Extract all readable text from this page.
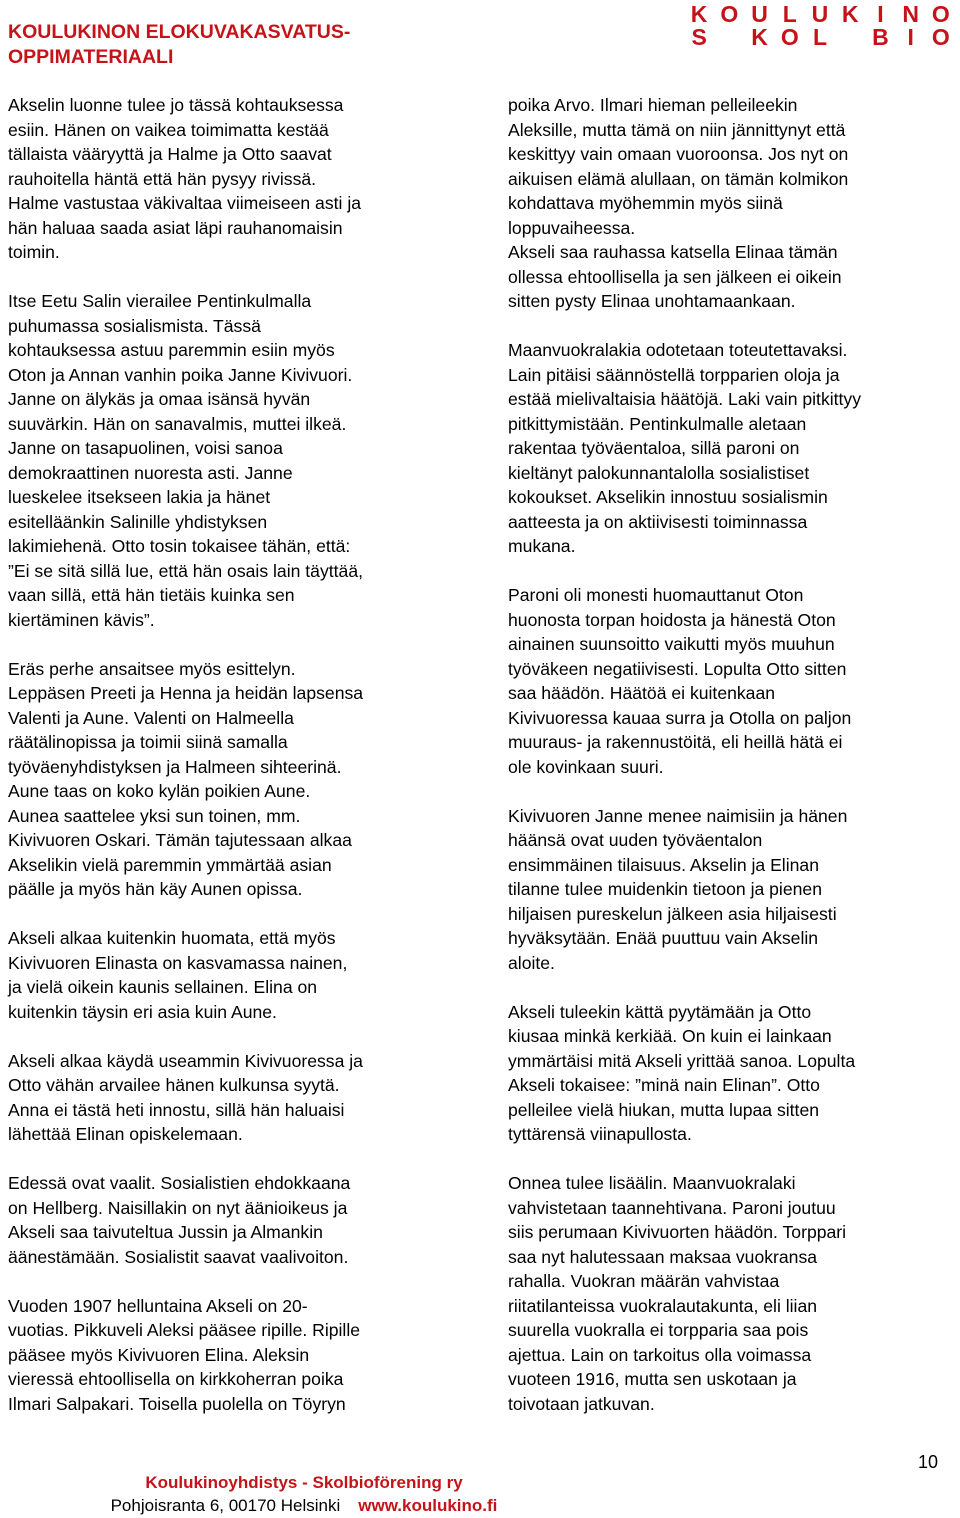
KOULUKINON ELOKUVAKASVATUS-
OPPIMATERIAALI
K O U L U K I N O
S	K O L	B I O

Akselin luonne tulee jo tässä kohtauksessa
esiin. Hänen on vaikea toimimatta kestää
tällaista vääryyttä ja Halme ja Otto saavat
rauhoitella häntä että hän pysyy rivissä.
Halme vastustaa väkivaltaa viimeiseen asti ja
hän haluaa saada asiat läpi rauhanomaisin
toimin.

Itse Eetu Salin vierailee Pentinkulmalla
puhumassa sosialismista. Tässä
kohtauksessa astuu paremmin esiin myös
Oton ja Annan vanhin poika Janne Kivivuori.
Janne on älykäs ja omaa isänsä hyvän
suuvärkin. Hän on sanavalmis, muttei ilkeä.
Janne on tasapuolinen, voisi sanoa
demokraattinen nuoresta asti. Janne
lueskelee itsekseen lakia ja hänet
esitelläänkin Salinille yhdistyksen
lakimiehenä. Otto tosin tokaisee tähän, että:
”Ei se sitä sillä lue, että hän osais lain täyttää,
vaan sillä, että hän tietäis kuinka sen
kiertäminen kävis”.

Eräs perhe ansaitsee myös esittelyn.
Leppäsen Preeti ja Henna ja heidän lapsensa
Valenti ja Aune. Valenti on Halmeella
räätälinopissa ja toimii siinä samalla
työväenyhdistyksen ja Halmeen sihteerinä.
Aune taas on koko kylän poikien Aune.
Aunea saattelee yksi sun toinen, mm.
Kivivuoren Oskari. Tämän tajutessaan alkaa
Akselikin vielä paremmin ymmärtää asian
päälle ja myös hän käy Aunen opissa.

Akseli alkaa kuitenkin huomata, että myös
Kivivuoren Elinasta on kasvamassa nainen,
ja vielä oikein kaunis sellainen. Elina on
kuitenkin täysin eri asia kuin Aune.

Akseli alkaa käydä useammin Kivivuoressa ja
Otto vähän arvailee hänen kulkunsa syytä.
Anna ei tästä heti innostu, sillä hän haluaisi
lähettää Elinan opiskelemaan.

Edessä ovat vaalit. Sosialistien ehdokkaana
on Hellberg. Naisillakin on nyt äänioikeus ja
Akseli saa taivuteltua Jussin ja Almankin
äänestämään. Sosialistit saavat vaalivoiton.

Vuoden 1907 helluntaina Akseli on 20-
vuotias. Pikkuveli Aleksi pääsee ripille. Ripille
pääsee myös Kivivuoren Elina. Aleksin
vieressä ehtoollisella on kirkkoherran poika
Ilmari Salpakari. Toisella puolella on Töyryn

poika Arvo. Ilmari hieman pelleileekin
Aleksille, mutta tämä on niin jännittynyt että
keskittyy vain omaan vuoroonsa. Jos nyt on
aikuisen elämä alullaan, on tämän kolmikon
kohdattava myöhemmin myös siinä
loppuvaiheessa.
Akseli saa rauhassa katsella Elinaa tämän
ollessa ehtoollisella ja sen jälkeen ei oikein
sitten pysty Elinaa unohtamaankaan.

Maanvuokralakia odotetaan toteutettavaksi.
Lain pitäisi säännöstellä torpparien oloja ja
estää mielivaltaisia häätöjä. Laki vain pitkittyy
pitkittymistään. Pentinkulmalle aletaan
rakentaa työväentaloa, sillä paroni on
kieltänyt palokunnantalolla sosialistiset
kokoukset. Akselikin innostuu sosialismin
aatteesta ja on aktiivisesti toiminnassa
mukana.

Paroni oli monesti huomauttanut Oton
huonosta torpan hoidosta ja hänestä Oton
ainainen suunsoitto vaikutti myös muuhun
työväkeen negatiivisesti. Lopulta Otto sitten
saa häädön. Häätöä ei kuitenkaan
Kivivuoressa kauaa surra ja Otolla on paljon
muuraus- ja rakennustöitä, eli heillä hätä ei
ole kovinkaan suuri.

Kivivuoren Janne menee naimisiin ja hänen
häänsä ovat uuden työväentalon
ensimmäinen tilaisuus. Akselin ja Elinan
tilanne tulee muidenkin tietoon ja pienen
hiljaisen pureskelun jälkeen asia hiljaisesti
hyväksytään. Enää puuttuu vain Akselin
aloite.

Akseli tuleekin kättä pyytämään ja Otto
kiusaa minkä kerkiää. On kuin ei lainkaan
ymmärtäisi mitä Akseli yrittää sanoa. Lopulta
Akseli tokaisee: ”minä nain Elinan”. Otto
pelleilee vielä hiukan, mutta lupaa sitten
tyttärensä viinapullosta.

Onnea tulee lisäälin. Maanvuokralaki
vahvistetaan taannehtivana. Paroni joutuu
siis perumaan Kivivuorten häädön. Torppari
saa nyt halutessaan maksaa vuokransa
rahalla. Vuokran määrän vahvistaa
riitatilanteissa vuokralautakunta, eli liian
suurella vuokralla ei torpparia saa pois
ajettua. Lain on tarkoitus olla voimassa
vuoteen 1916, mutta sen uskotaan ja
toivotaan jatkuvan.

10
Koulukinoyhdistys - Skolbioförening ry
Pohjoisranta 6, 00170 Helsinki www.koulukino.fi
